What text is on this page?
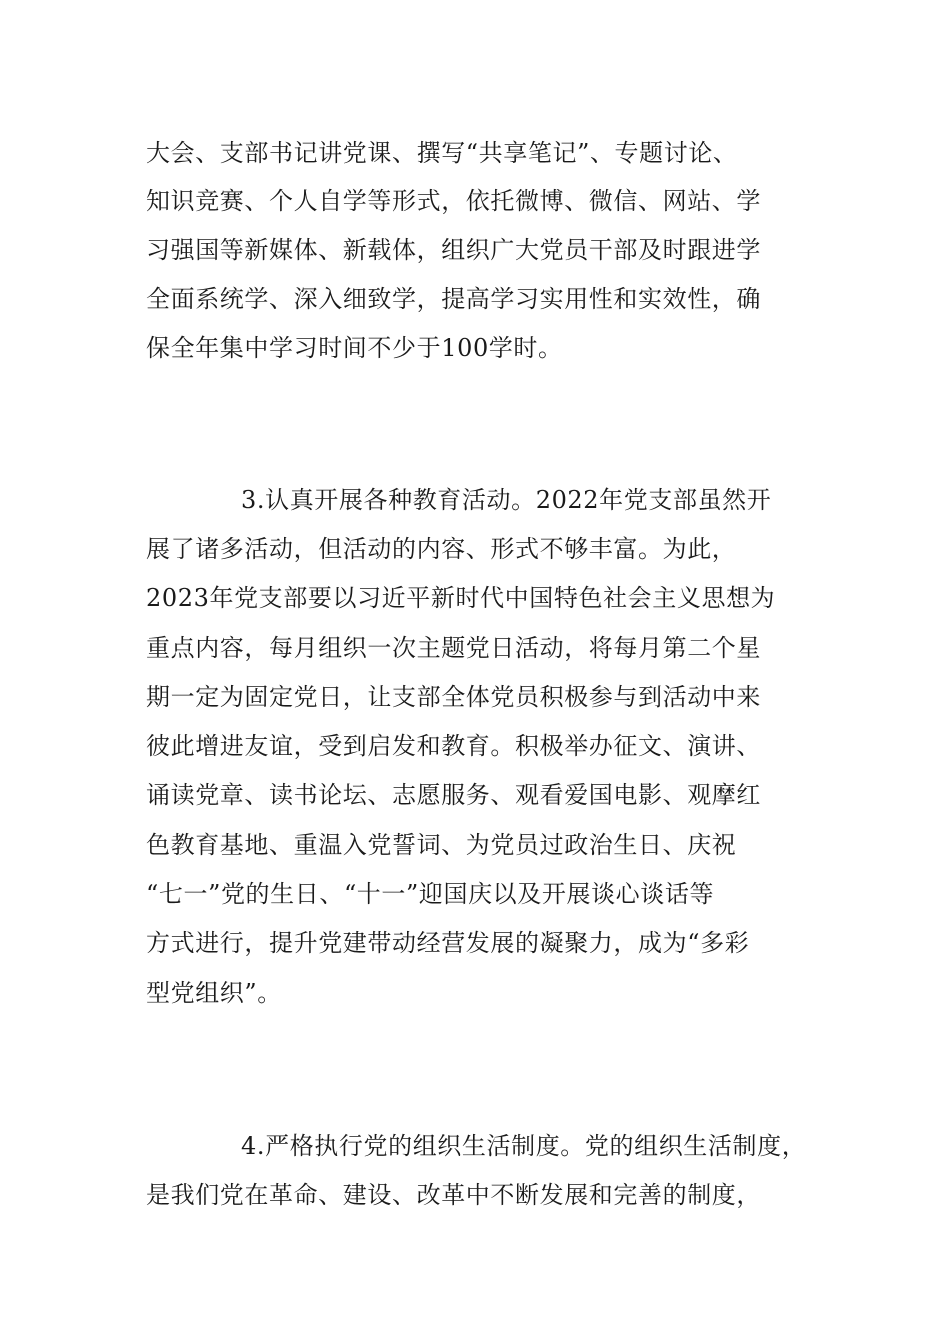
大会、支部书记讲党课、撰写“共享笔记”、专题讨论、
知识竞赛、个人自学等形式，依托微博、微信、网站、学
习强国等新媒体、新载体，组织广大党员干部及时跟进学
全面系统学、深入细致学，提高学习实用性和实效性，确
保全年集中学习时间不少于100学时。
3.认真开展各种教育活动。2022年党支部虽然开
展了诸多活动，但活动的内容、形式不够丰富。为此，
2023年党支部要以习近平新时代中国特色社会主义思想为
重点内容，每月组织一次主题党日活动，将每月第二个星
期一定为固定党日，让支部全体党员积极参与到活动中来
彼此增进友谊，受到启发和教育。积极举办征文、演讲、
诵读党章、读书论坛、志愿服务、观看爱国电影、观摩红
色教育基地、重温入党誓词、为党员过政治生日、庆祝
“七一”党的生日、“十一”迎国庆以及开展谈心谈话等
方式进行，提升党建带动经营发展的凝聚力，成为“多彩
型党组织”。
4.严格执行党的组织生活制度。党的组织生活制度，
是我们党在革命、建设、改革中不断发展和完善的制度，
